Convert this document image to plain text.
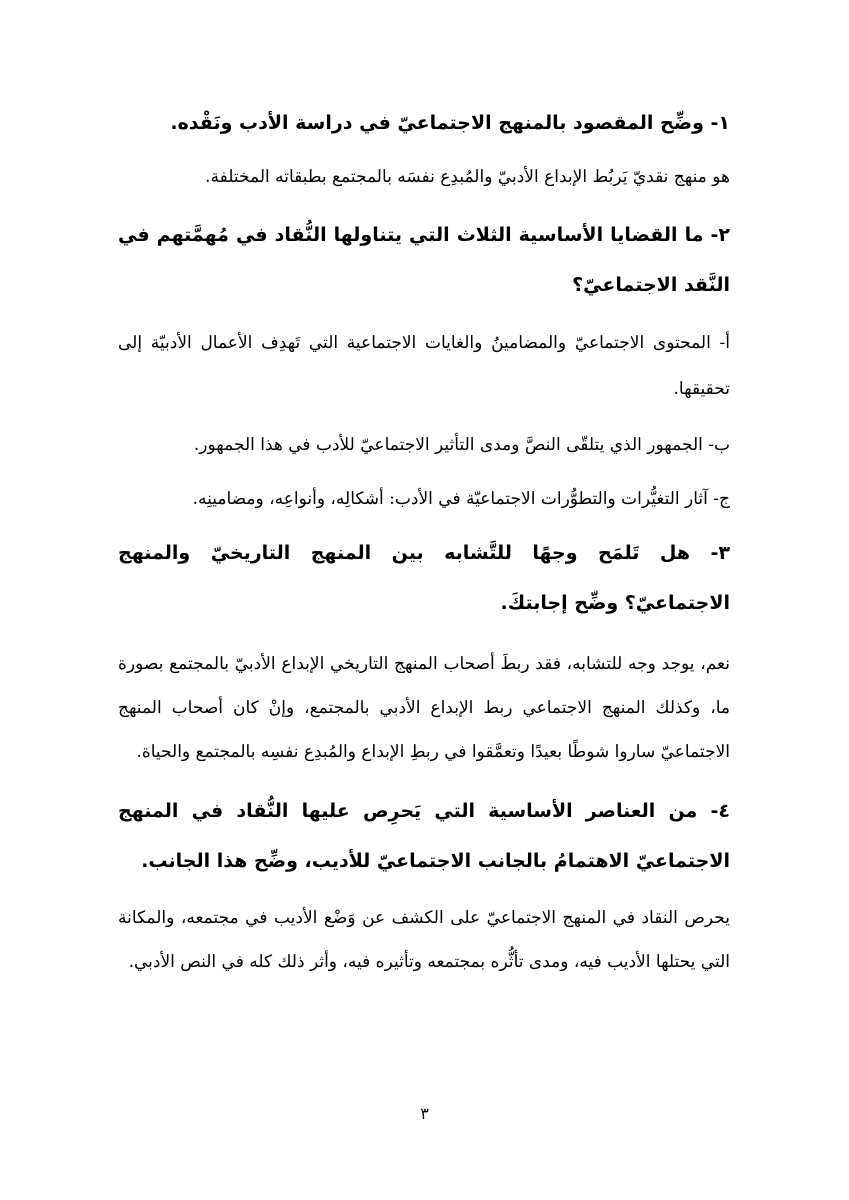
١- وضِّح المقصود بالمنهج الاجتماعيّ في دراسة الأدب ونَقْده.

هو منهج نقديّ يَربُط الإبداع الأدبيّ والمُبدِع نفسَه بالمجتمع بطبقاته المختلفة.

٢- ما القضايا الأساسية الثلاث التي يتناولها النُّقاد في مُهمَّتهم في النَّقد الاجتماعيّ؟

أ- المحتوى الاجتماعيّ والمضامينُ والغايات الاجتماعية التي تَهدِف الأعمال الأدبيّة إلى تحقيقها.

ب- الجمهور الذي يتلقّى النصَّ ومدى التأثير الاجتماعيّ للأدب في هذا الجمهور.

ج- آثار التغيُّرات والتطوُّرات الاجتماعيّة في الأدب: أشكالِه، وأنواعِه، ومضامينِه.

٣- هل تَلمَح وجهًا للتَّشابه بين المنهج التاريخيّ والمنهج الاجتماعيّ؟ وضِّح إجابتكَ.

نعم، يوجد وجه للتشابه، فقد ربطَ أصحاب المنهج التاريخي الإبداع الأدبيّ بالمجتمع بصورة ما، وكذلك المنهج الاجتماعي ربط الإبداع الأدبي بالمجتمع، وإنْ كان أصحاب المنهج الاجتماعيّ ساروا شوطًا بعيدًا وتعمَّقوا في ربطِ الإبداع والمُبدِع نفسِه بالمجتمع والحياة.

٤- من العناصر الأساسية التي يَحرِص عليها النُّقاد في المنهج الاجتماعيّ الاهتمامُ بالجانب الاجتماعيّ للأديب، وضِّح هذا الجانب.

يحرص النقاد في المنهج الاجتماعيّ على الكشف عن وَضْع الأديب في مجتمعه، والمكانة التي يحتلها الأديب فيه، ومدى تأثُّره بمجتمعه وتأثيره فيه، وأثر ذلك كله في النص الأدبي.

٣
